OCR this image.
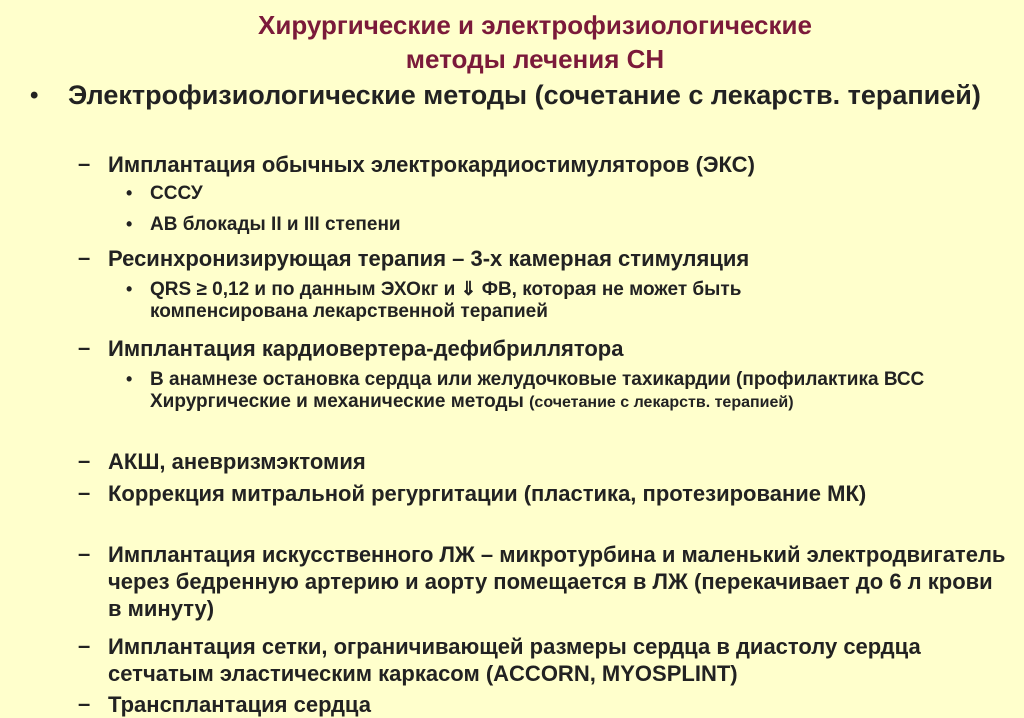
Хирургические и электрофизиологические
методы лечения СН
• Электрофизиологические методы (сочетание с лекарств. терапией)
– Имплантация обычных электрокардиостимуляторов (ЭКС)
• СССУ
• АВ блокады II и III степени
– Ресинхронизирующая терапия – 3-х камерная стимуляция
• QRS ≥ 0,12 и по данным ЭХОкг и ⇓ ФВ, которая не может быть компенсирована лекарственной терапией
– Имплантация кардиовертера-дефибриллятора
• В анамнезе остановка сердца или желудочковые тахикардии (профилактика ВСС Хирургические и механические методы (сочетание с лекарств. терапией)
– АКШ, аневризмэктомия
– Коррекция митральной регургитации (пластика, протезирование МК)
– Имплантация искусственного ЛЖ – микротурбина и маленький электродвигатель через бедренную артерию и аорту помещается в ЛЖ (перекачивает до 6 л крови в минуту)
– Имплантация сетки, ограничивающей размеры сердца в диастолу сердца сетчатым эластическим каркасом (ACCORN, MYOSPLINT)
– Трансплантация сердца
